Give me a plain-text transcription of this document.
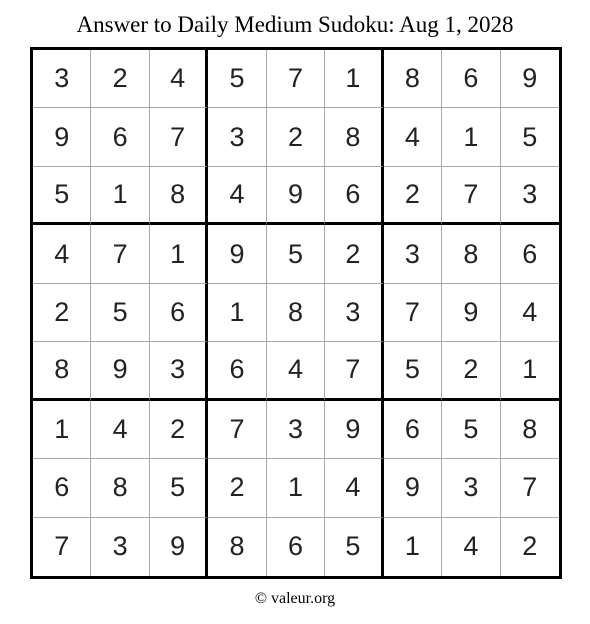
Answer to Daily Medium Sudoku: Aug 1, 2028
3	2	4	5	7	1	8	6	9
9	6	7	3	2	8	4	1	5
5	1	8	4	9	6	2	7	3
4	7	1	9	5	2	3	8	6
2	5	6	1	8	3	7	9	4
8	9	3	6	4	7	5	2	1
1	4	2	7	3	9	6	5	8
6	8	5	2	1	4	9	3	7
7	3	9	8	6	5	1	4	2
© valeur.org
